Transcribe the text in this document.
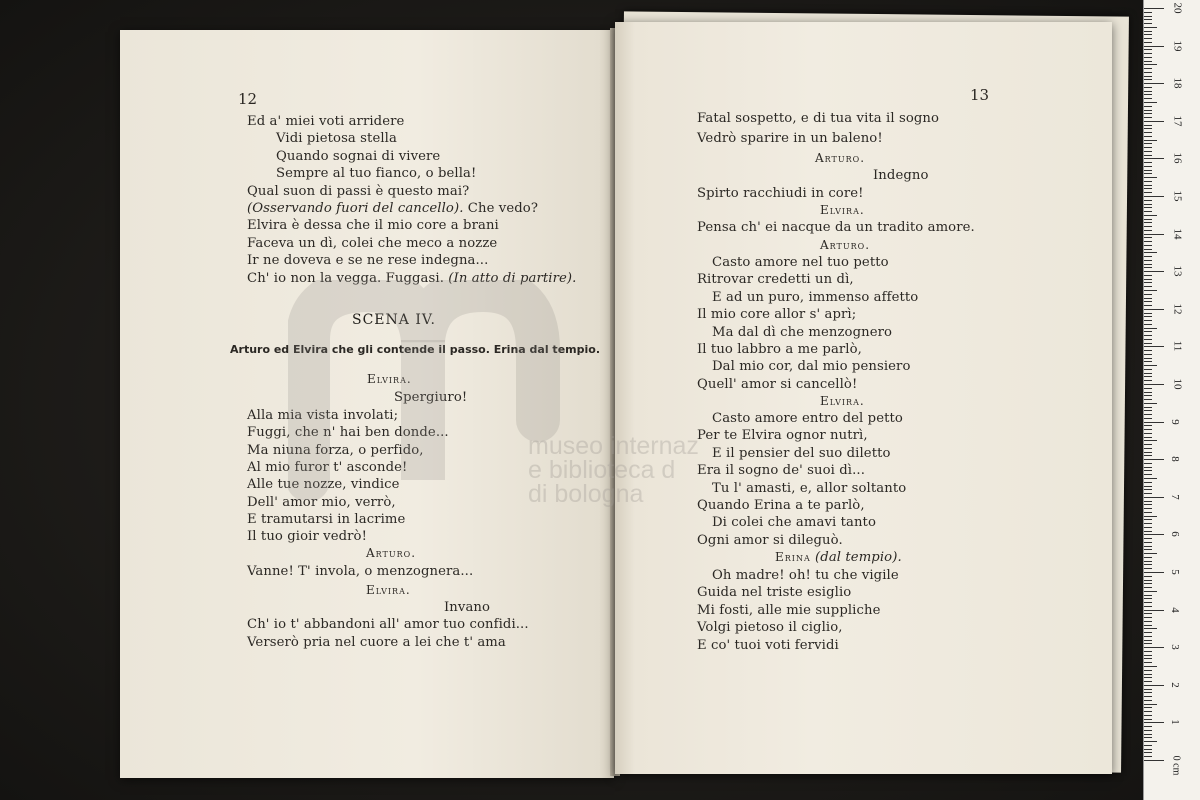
12
Ed a' miei voti arridere
Vidi pietosa stella
Quando sognai di vivere
Sempre al tuo fianco, o bella!
Qual suon di passi è questo mai?
(Osservando fuori del cancello). Che vedo?
Elvira è dessa che il mio core a brani
Faceva un dì, colei che meco a nozze
Ir ne doveva e se ne rese indegna...
Ch' io non la vegga. Fuggasi. (In atto di partire).
SCENA IV.
Arturo ed Elvira che gli contende il passo. Erina dal tempio.
Elvira.
Spergiuro!
Alla mia vista involati;
Fuggi, che n' hai ben donde...
Ma niuna forza, o perfido,
Al mio furor t' asconde!
Alle tue nozze, vindice
Dell' amor mio, verrò,
E tramutarsi in lacrime
Il tuo gioir vedrò!
Arturo.
Vanne! T' invola, o menzognera...
Elvira.
Invano
Ch' io t' abbandoni all' amor tuo confidi...
Verserò pria nel cuore a lei che t' ama
13
Fatal sospetto, e di tua vita il sogno
Vedrò sparire in un baleno!
Arturo.
Indegno
Spirto racchiudi in core!
Elvira.
Pensa ch' ei nacque da un tradito amore.
Arturo.
Casto amore nel tuo petto
Ritrovar credetti un dì,
E ad un puro, immenso affetto
Il mio core allor s' aprì;
Ma dal dì che menzognero
Il tuo labbro a me parlò,
Dal mio cor, dal mio pensiero
Quell' amor si cancellò!
Elvira.
Casto amore entro del petto
Per te Elvira ognor nutrì,
E il pensier del suo diletto
Era il sogno de' suoi dì...
Tu l' amasti, e, allor soltanto
Quando Erina a te parlò,
Di colei che amavi tanto
Ogni amor si dileguò.
Erina (dal tempio).
Oh madre! oh! tu che vigile
Guida nel triste esiglio
Mi fosti, alle mie suppliche
Volgi pietoso il ciglio,
E co' tuoi voti fervidi
museo internaz
e biblioteca d
di bologna
1
2
3
4
5
6
7
8
9
10
11
12
13
14
15
16
17
18
19
20
0 cm
